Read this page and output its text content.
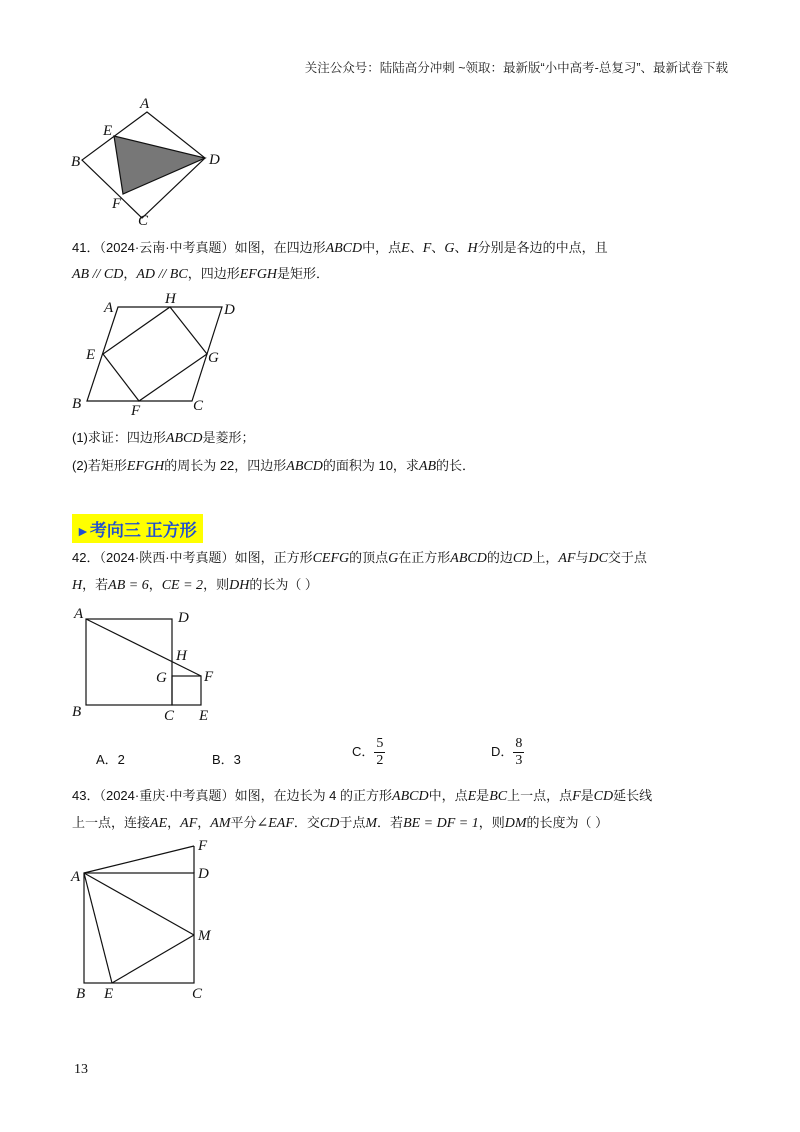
关注公众号：陆陆高分冲刺 ~领取：最新版“小中高考-总复习”、最新试卷下载
A
E
B	D
F
C
41．（2024·云南·中考真题）如图，在四边形ABCD中，点E、F、G、H分别是各边的中点，且
AB // CD，AD // BC，四边形EFGH是矩形．
A
H
D
E	G
B	F	C
(1)求证：四边形ABCD是菱形；
(2)若矩形EFGH的周长为 22，四边形ABCD的面积为 10，求AB的长．
►考向三 正方形
42．（2024·陕西·中考真题）如图，正方形CEFG的顶点G在正方形ABCD的边CD上，AF与DC交于点
H，若AB = 6，CE = 2，则DH的长为（ ）
A	D
H
G F
B	C E
A．2	B．3
C． $\frac{5}{2}$	D． $\frac{8}{3}$
43．（2024·重庆·中考真题）如图，在边长为 4 的正方形ABCD中，点E是BC上一点，点F是CD延长线
上一点，连接AE，AF，AM平分∠EAF．交CD于点M．若BE = DF = 1，则DM的长度为（ ）
F
A	D
M
B E	C
13
